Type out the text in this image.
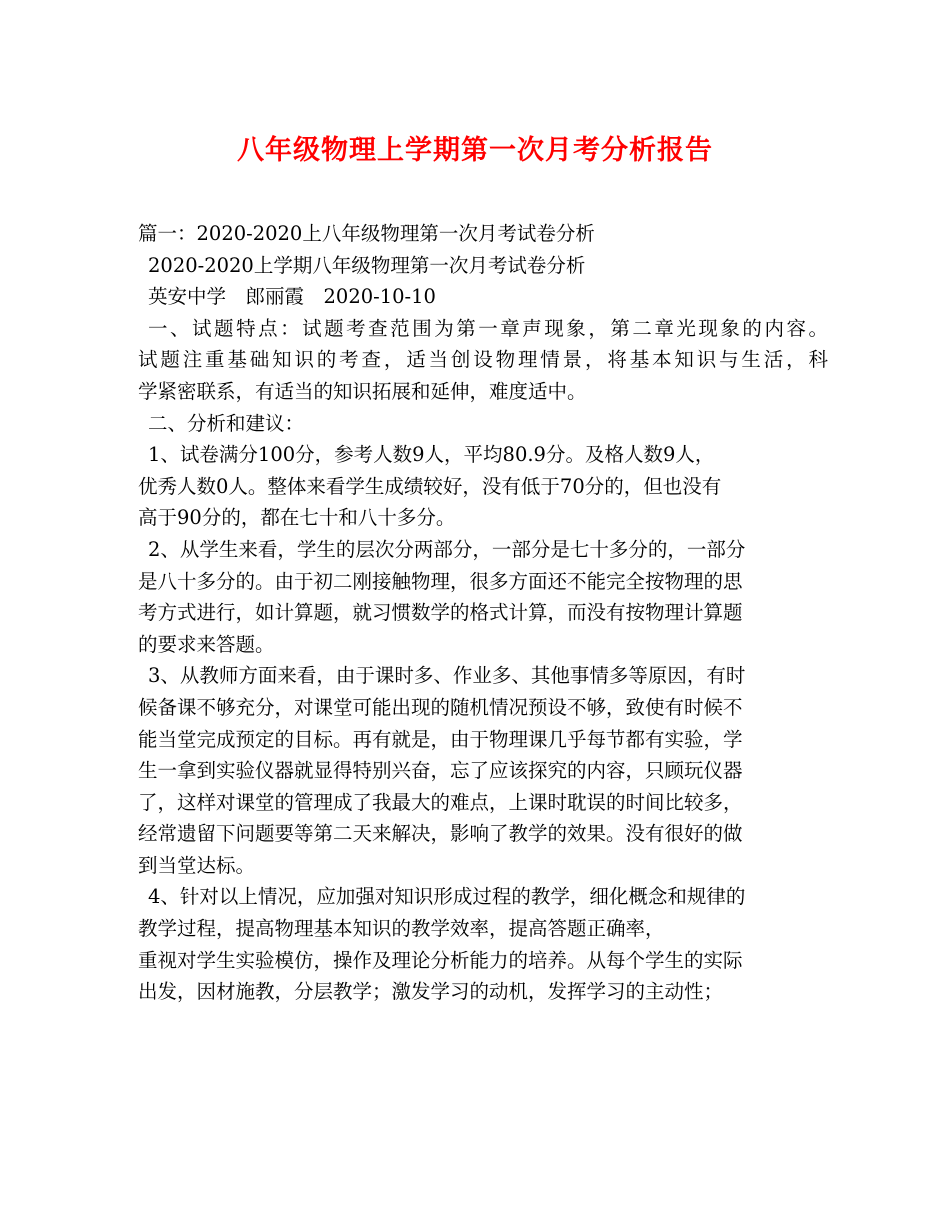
八年级物理上学期第一次月考分析报告
篇一：2020-2020上八年级物理第一次月考试卷分析
2020-2020上学期八年级物理第一次月考试卷分析
英安中学　郎丽霞　2020-10-10
一、试题特点：试题考查范围为第一章声现象，第二章光现象的内容。
试题注重基础知识的考查，适当创设物理情景，将基本知识与生活，科
学紧密联系，有适当的知识拓展和延伸，难度适中。
二、分析和建议：
1、试卷满分100分，参考人数9人，平均80.9分。及格人数9人，
优秀人数0人。整体来看学生成绩较好，没有低于70分的，但也没有
高于90分的，都在七十和八十多分。
2、从学生来看，学生的层次分两部分，一部分是七十多分的，一部分
是八十多分的。由于初二刚接触物理，很多方面还不能完全按物理的思
考方式进行，如计算题，就习惯数学的格式计算，而没有按物理计算题
的要求来答题。
3、从教师方面来看，由于课时多、作业多、其他事情多等原因，有时
候备课不够充分，对课堂可能出现的随机情况预设不够，致使有时候不
能当堂完成预定的目标。再有就是，由于物理课几乎每节都有实验，学
生一拿到实验仪器就显得特别兴奋，忘了应该探究的内容，只顾玩仪器
了，这样对课堂的管理成了我最大的难点，上课时耽误的时间比较多，
经常遗留下问题要等第二天来解决，影响了教学的效果。没有很好的做
到当堂达标。
4、针对以上情况，应加强对知识形成过程的教学，细化概念和规律的
教学过程，提高物理基本知识的教学效率，提高答题正确率，
重视对学生实验模仿，操作及理论分析能力的培养。从每个学生的实际
出发，因材施教，分层教学；激发学习的动机，发挥学习的主动性；
